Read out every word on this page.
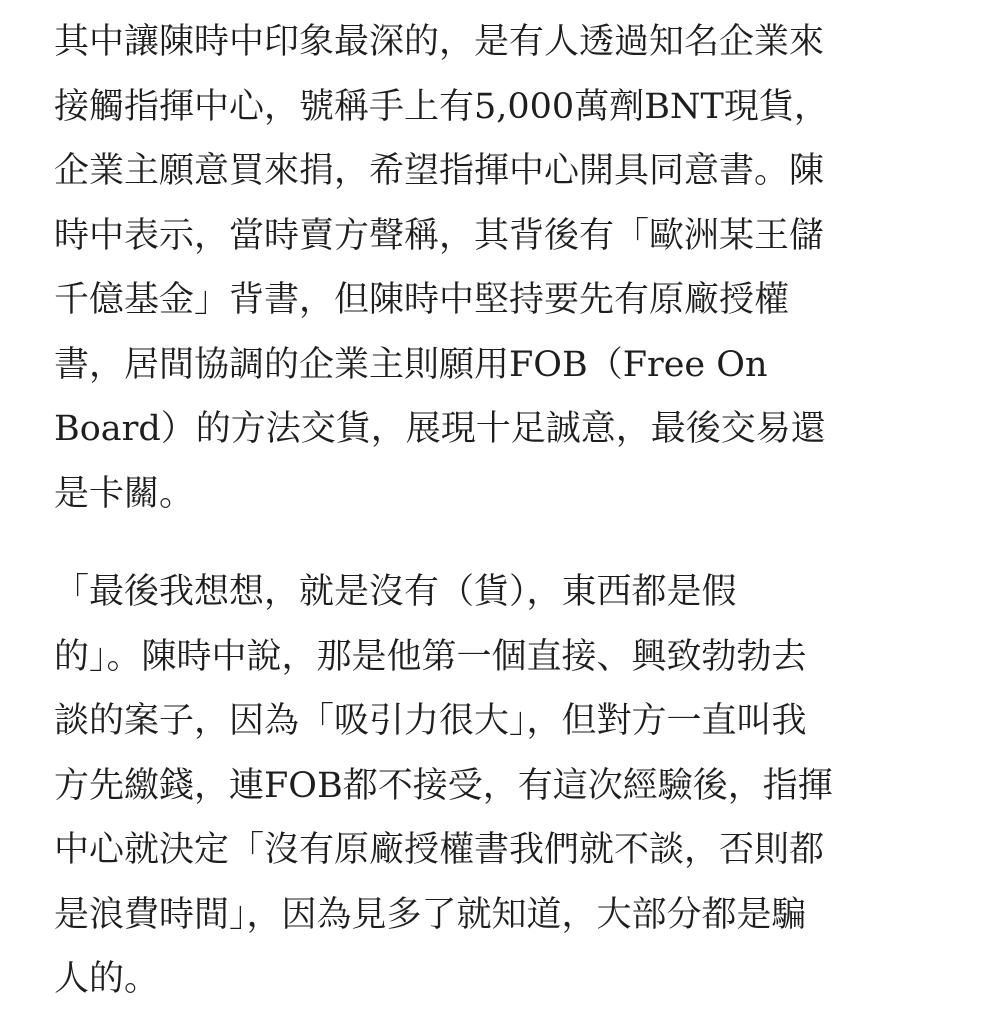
其中讓陳時中印象最深的，是有人透過知名企業來
接觸指揮中心，號稱手上有5,000萬劑BNT現貨，
企業主願意買來捐，希望指揮中心開具同意書。陳
時中表示，當時賣方聲稱，其背後有「歐洲某王儲
千億基金」背書，但陳時中堅持要先有原廠授權
書，居間協調的企業主則願用FOB（Free On
Board）的方法交貨，展現十足誠意，最後交易還
是卡關。

「最後我想想，就是沒有（貨），東西都是假
的」。陳時中說，那是他第一個直接、興致勃勃去
談的案子，因為「吸引力很大」，但對方一直叫我
方先繳錢，連FOB都不接受，有這次經驗後，指揮
中心就決定「沒有原廠授權書我們就不談，否則都
是浪費時間」，因為見多了就知道，大部分都是騙
人的。
